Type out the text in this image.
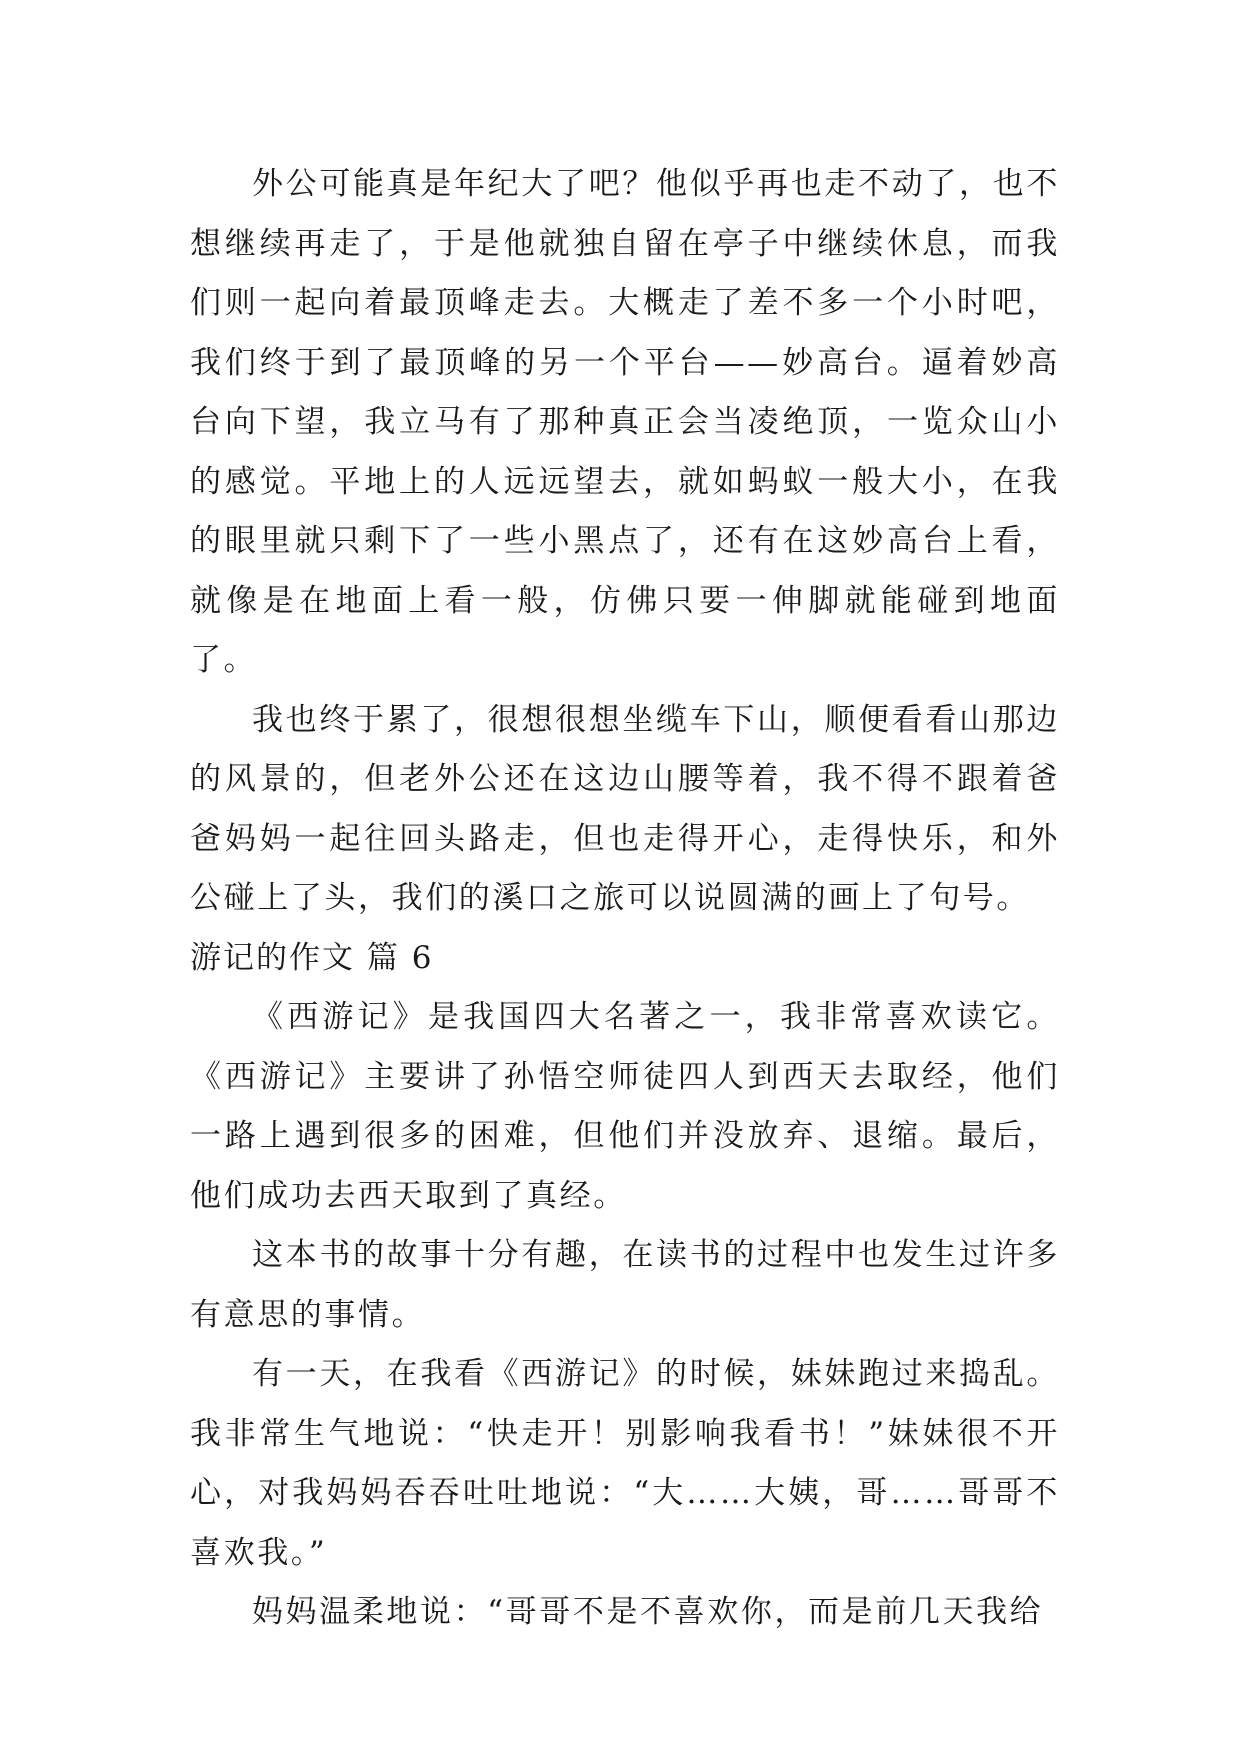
外公可能真是年纪大了吧？他似乎再也走不动了，也不想继续再走了，于是他就独自留在亭子中继续休息，而我们则一起向着最顶峰走去。大概走了差不多一个小时吧，我们终于到了最顶峰的另一个平台——妙高台。逼着妙高台向下望，我立马有了那种真正会当凌绝顶，一览众山小的感觉。平地上的人远远望去，就如蚂蚁一般大小，在我的眼里就只剩下了一些小黑点了，还有在这妙高台上看，就像是在地面上看一般，仿佛只要一伸脚就能碰到地面了。

我也终于累了，很想很想坐缆车下山，顺便看看山那边的风景的，但老外公还在这边山腰等着，我不得不跟着爸爸妈妈一起往回头路走，但也走得开心，走得快乐，和外公碰上了头，我们的溪口之旅可以说圆满的画上了句号。

游记的作文 篇 6

《西游记》是我国四大名著之一，我非常喜欢读它。《西游记》主要讲了孙悟空师徒四人到西天去取经，他们一路上遇到很多的困难，但他们并没放弃、退缩。最后，他们成功去西天取到了真经。

这本书的故事十分有趣，在读书的过程中也发生过许多有意思的事情。

有一天，在我看《西游记》的时候，妹妹跑过来捣乱。我非常生气地说：“快走开！别影响我看书！”妹妹很不开心，对我妈妈吞吞吐吐地说：“大……大姨，哥……哥哥不喜欢我。”

妈妈温柔地说：“哥哥不是不喜欢你，而是前几天我给
